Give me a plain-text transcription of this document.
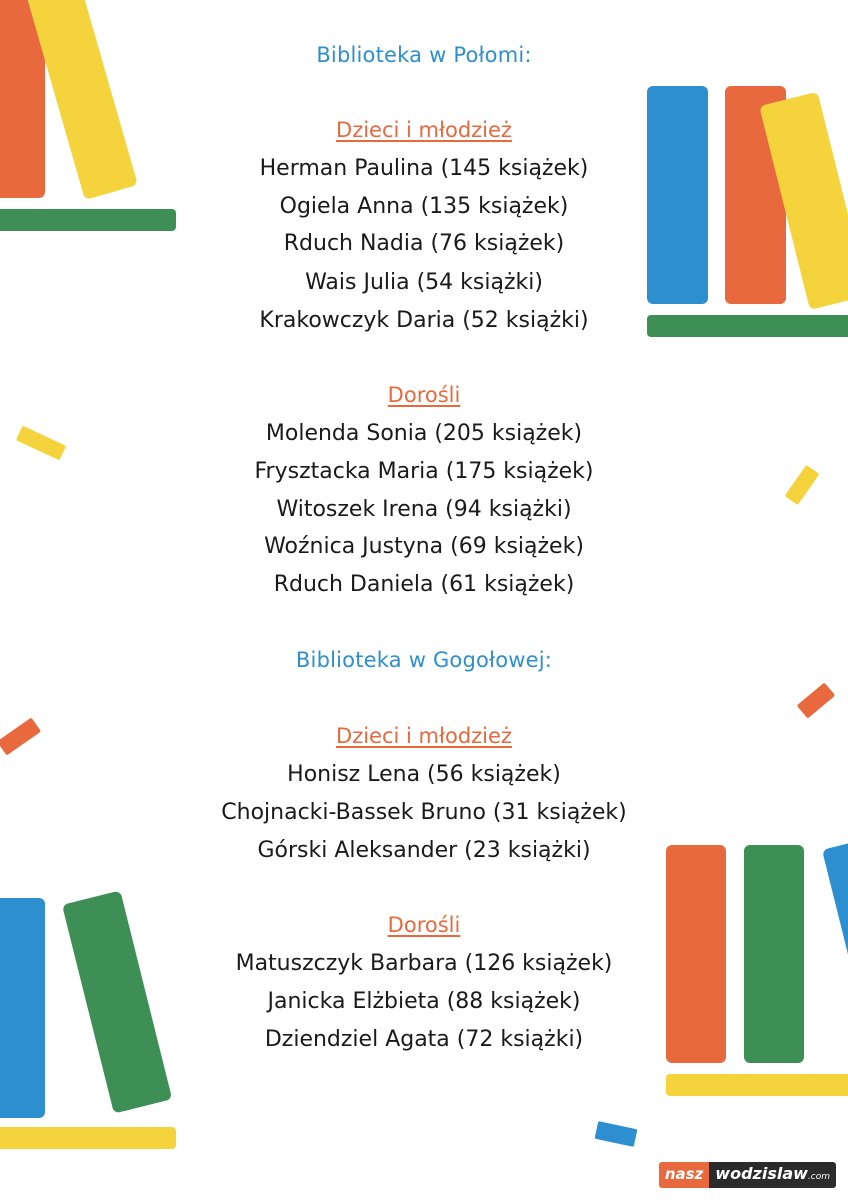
Biblioteka w Połomi:
Dzieci i młodzież
Herman Paulina (145 książek)
Ogiela Anna (135 książek)
Rduch Nadia (76 książek)
Wais Julia (54 książki)
Krakowczyk Daria (52 książki)
Dorośli
Molenda Sonia (205 książek)
Frysztacka Maria (175 książek)
Witoszek Irena (94 książki)
Woźnica Justyna (69 książek)
Rduch Daniela (61 książek)
Biblioteka w Gogołowej:
Dzieci i młodzież
Honisz Lena (56 książek)
Chojnacki-Bassek Bruno (31 książek)
Górski Aleksander (23 książki)
Dorośli
Matuszczyk Barbara (126 książek)
Janicka Elżbieta (88 książek)
Dziendziel Agata (72 książki)
nasz wodzislaw.com
